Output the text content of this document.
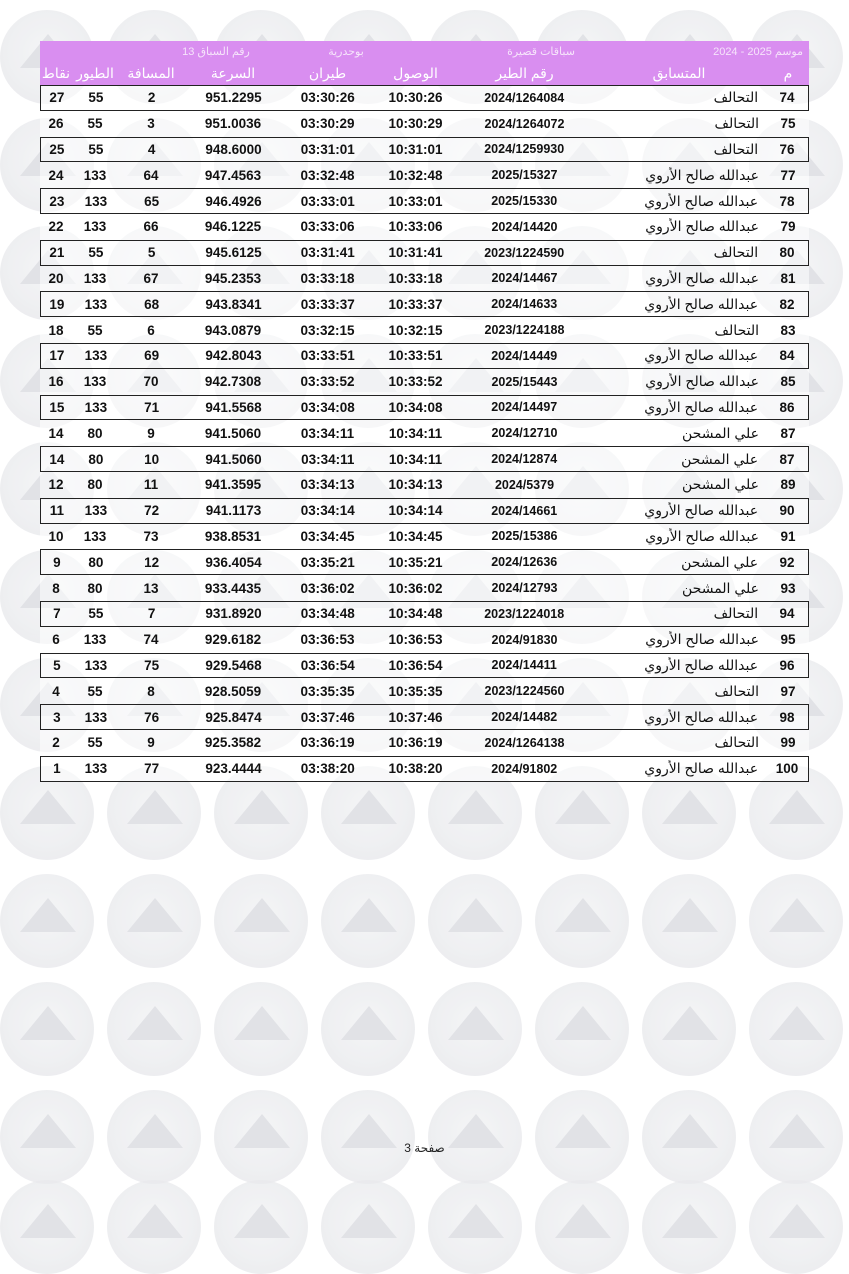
موسم 2025 - 2024
سباقات قصيرة
بوحدرية
رقم السباق 13
م
المتسابق
رقم الطير
الوصول
طيران
السرعة
المسافة
الطيور
نقاط
74
التحالف
2024/1264084
10:30:26
03:30:26
951.2295
2
55
27
75
التحالف
2024/1264072
10:30:29
03:30:29
951.0036
3
55
26
76
التحالف
2024/1259930
10:31:01
03:31:01
948.6000
4
55
25
77
عبدالله صالح الأروي
2025/15327
10:32:48
03:32:48
947.4563
64
133
24
78
عبدالله صالح الأروي
2025/15330
10:33:01
03:33:01
946.4926
65
133
23
79
عبدالله صالح الأروي
2024/14420
10:33:06
03:33:06
946.1225
66
133
22
80
التحالف
2023/1224590
10:31:41
03:31:41
945.6125
5
55
21
81
عبدالله صالح الأروي
2024/14467
10:33:18
03:33:18
945.2353
67
133
20
82
عبدالله صالح الأروي
2024/14633
10:33:37
03:33:37
943.8341
68
133
19
83
التحالف
2023/1224188
10:32:15
03:32:15
943.0879
6
55
18
84
عبدالله صالح الأروي
2024/14449
10:33:51
03:33:51
942.8043
69
133
17
85
عبدالله صالح الأروي
2025/15443
10:33:52
03:33:52
942.7308
70
133
16
86
عبدالله صالح الأروي
2024/14497
10:34:08
03:34:08
941.5568
71
133
15
87
علي المشحن
2024/12710
10:34:11
03:34:11
941.5060
9
80
14
87
علي المشحن
2024/12874
10:34:11
03:34:11
941.5060
10
80
14
89
علي المشحن
2024/5379
10:34:13
03:34:13
941.3595
11
80
12
90
عبدالله صالح الأروي
2024/14661
10:34:14
03:34:14
941.1173
72
133
11
91
عبدالله صالح الأروي
2025/15386
10:34:45
03:34:45
938.8531
73
133
10
92
علي المشحن
2024/12636
10:35:21
03:35:21
936.4054
12
80
9
93
علي المشحن
2024/12793
10:36:02
03:36:02
933.4435
13
80
8
94
التحالف
2023/1224018
10:34:48
03:34:48
931.8920
7
55
7
95
عبدالله صالح الأروي
2024/91830
10:36:53
03:36:53
929.6182
74
133
6
96
عبدالله صالح الأروي
2024/14411
10:36:54
03:36:54
929.5468
75
133
5
97
التحالف
2023/1224560
10:35:35
03:35:35
928.5059
8
55
4
98
عبدالله صالح الأروي
2024/14482
10:37:46
03:37:46
925.8474
76
133
3
99
التحالف
2024/1264138
10:36:19
03:36:19
925.3582
9
55
2
100
عبدالله صالح الأروي
2024/91802
10:38:20
03:38:20
923.4444
77
133
1
صفحة 3
